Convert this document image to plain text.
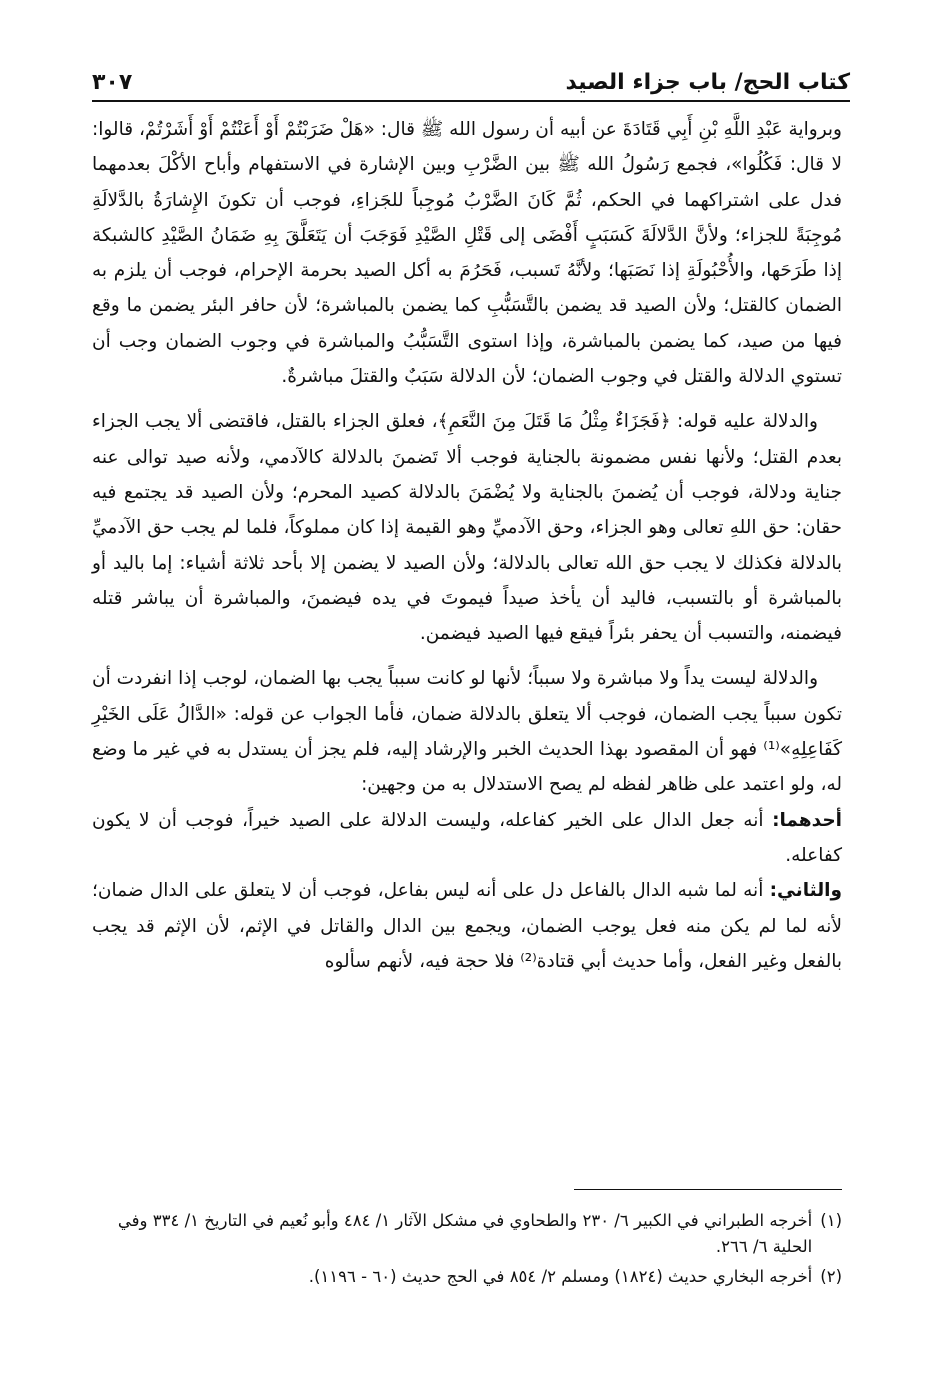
كتاب الحج/ باب جزاء الصيد
٣٠٧

وبرواية عَبْدِ اللَّهِ بْنِ أَبِي قَتَادَةَ عن أبيه أن رسول الله ﷺ قال: «هَلْ ضَرَبْتُمْ أَوْ أَعَنْتُمْ أَوْ أَشَرْتُمْ، قالوا: لا قال: فَكُلُوا»، فجمع رَسُولُ الله ﷺ بين الضَّرْبِ وبين الإشارة في الاستفهام وأباح الأكْلَ بعدمهما فدل على اشتراكهما في الحكم، ثُمَّ كَانَ الضَّرْبُ مُوجِباً للجَزاءِ، فوجب أن تكونَ الإِشارَةُ بالدَّلالَةِ مُوجِبَةً للجزاء؛ ولأنَّ الدَّلالَةَ كَسَبَبٍ أَفْضَى إلى قَتْلِ الصَّيْدِ فَوَجَبَ أن يَتَعَلَّقَ بِهِ ضَمَانُ الصَّيْدِ كالشبكة إذا طَرَحَها، والأُحْبُولَةِ إذا نَصَبَها؛ ولأنَّهُ تَسبب، فَحَرُمَ به أكل الصيد بحرمة الإحرام، فوجب أن يلزم به الضمان كالقتل؛ ولأن الصيد قد يضمن بالتَّسَبُّبِ كما يضمن بالمباشرة؛ لأن حافر البئر يضمن ما وقع فيها من صيد، كما يضمن بالمباشرة، وإذا استوى التَّسَبُّبُ والمباشرة في وجوب الضمان وجب أن تستوي الدلالة والقتل في وجوب الضمان؛ لأن الدلالة سَبَبٌ والقتلَ مباشرةٌ.

والدلالة عليه قوله: ﴿فَجَزَاءٌ مِثْلُ مَا قَتَلَ مِنَ النَّعَمِ﴾، فعلق الجزاء بالقتل، فاقتضى ألا يجب الجزاء بعدم القتل؛ ولأنها نفس مضمونة بالجناية فوجب ألا تَضمنَ بالدلالة كالآدمي، ولأنه صيد توالى عنه جناية ودلالة، فوجب أن يُضمنَ بالجناية ولا يُضْمَنَ بالدلالة كصيد المحرم؛ ولأن الصيد قد يجتمع فيه حقان: حق اللهِ تعالى وهو الجزاء، وحق الآدميِّ وهو القيمة إذا كان مملوكاً، فلما لم يجب حق الآدميِّ بالدلالة فكذلك لا يجب حق الله تعالى بالدلالة؛ ولأن الصيد لا يضمن إلا بأحد ثلاثة أشياء: إما باليد أو بالمباشرة أو بالتسبب، فاليد أن يأخذ صيداً فيموتَ في يده فيضمنَ، والمباشرة أن يباشر قتله فيضمنه، والتسبب أن يحفر بئراً فيقع فيها الصيد فيضمن.

والدلالة ليست يداً ولا مباشرة ولا سبباً؛ لأنها لو كانت سبباً يجب بها الضمان، لوجب إذا انفردت أن تكون سبباً يجب الضمان، فوجب ألا يتعلق بالدلالة ضمان، فأما الجواب عن قوله: «الدَّالُ عَلَى الخَيْرِ كَفَاعِلِهِ»⁽¹⁾ فهو أن المقصود بهذا الحديث الخبر والإرشاد إليه، فلم يجز أن يستدل به في غير ما وضع له، ولو اعتمد على ظاهر لفظه لم يصح الاستدلال به من وجهين:

أحدهما: أنه جعل الدال على الخير كفاعله، وليست الدلالة على الصيد خيراً، فوجب أن لا يكون كفاعله.

والثاني: أنه لما شبه الدال بالفاعل دل على أنه ليس بفاعل، فوجب أن لا يتعلق على الدال ضمان؛ لأنه لما لم يكن منه فعل يوجب الضمان، ويجمع بين الدال والقاتل في الإثم، لأن الإثم قد يجب بالفعل وغير الفعل، وأما حديث أبي قتادة⁽²⁾ فلا حجة فيه، لأنهم سألوه

(١)
أخرجه الطبراني في الكبير ٦/ ٢٣٠ والطحاوي في مشكل الآثار ١/ ٤٨٤ وأبو نُعيم في التاريخ ١/ ٣٣٤ وفي الحلية ٦/ ٢٦٦.

(٢)
أخرجه البخاري حديث (١٨٢٤) ومسلم ٢/ ٨٥٤ في الحج حديث (٦٠ - ١١٩٦).
